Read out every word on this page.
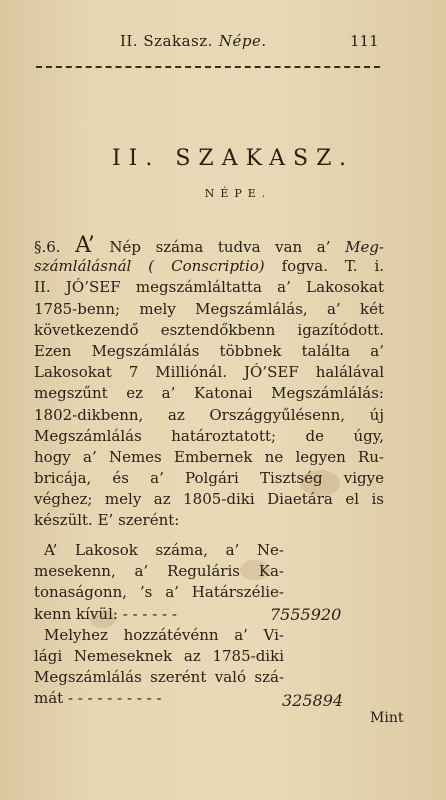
II. Szakasz. Népe.	111
II. SZAKASZ.
NÉPE.
§.6. A’ Nép száma tudva van a’ Meg-
számlálásnál ( Conscriptio) fogva. T. i.
II. JÓ’SEF megszámláltatta a’ Lakosokat
1785-benn; mely Megszámlálás, a’ két
következendő esztendőkbenn igazítódott.
Ezen Megszámlálás többnek találta a’
Lakosokat 7 Milliónál. JÓ’SEF halálával
megszűnt ez a’ Katonai Megszámlálás:
1802-dikbenn, az Országgyűlésenn, új
Megszámlálás határoztatott; de úgy,
hogy a’ Nemes Embernek ne legyen Ru-
bricája, és a’ Polgári Tisztség vigye
véghez; mely az 1805-diki Diaetára el is
készült. E’ szerént:
A’ Lakosok száma, a’ Ne-
mesekenn, a’ Reguláris Ka-
tonaságonn, ’s a’ Határszélie-
kenn kívül: - - - - - -	7555920
Melyhez hozzátévénn a’ Vi-
lági Nemeseknek az 1785-diki
Megszámlálás szerént való szá-
mát - - - - - - - - - -	325894
Mint
